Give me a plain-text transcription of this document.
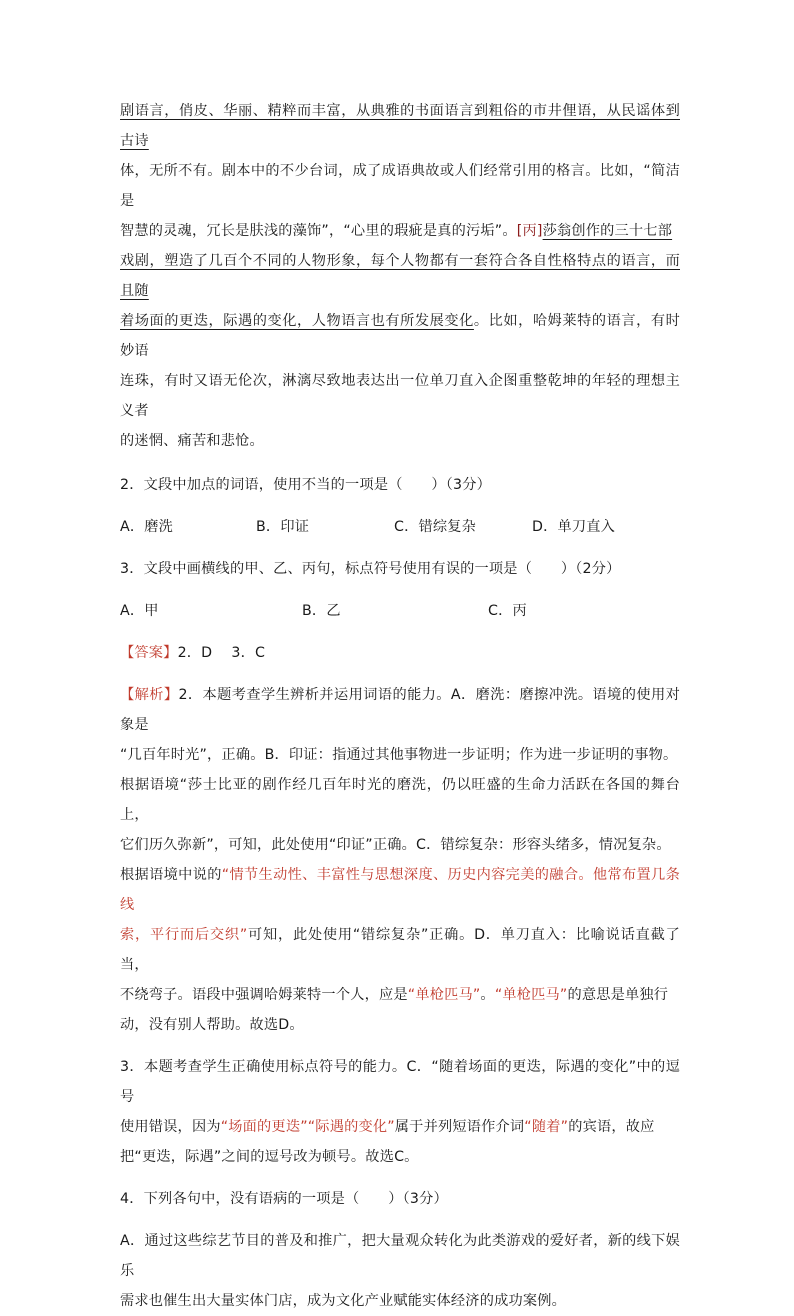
剧语言，俏皮、华丽、精粹而丰富，从典雅的书面语言到粗俗的市井俚语，从民谣体到古诗

体，无所不有。剧本中的不少台词，成了成语典故或人们经常引用的格言。比如，“简洁是

智慧的灵魂，冗长是肤浅的藻饰”，“心里的瑕疵是真的污垢”。[丙]莎翁创作的三十七部

戏剧，塑造了几百个不同的人物形象，每个人物都有一套符合各自性格特点的语言，而且随

着场面的更迭，际遇的变化，人物语言也有所发展变化。比如，哈姆莱特的语言，有时妙语

连珠，有时又语无伦次，淋漓尽致地表达出一位单刀直入企图重整乾坤的年轻的理想主义者

的迷惘、痛苦和悲怆。

2．文段中加点的词语，使用不当的一项是（　　）（3分）

A．磨洗	B．印证	C．错综复杂	D．单刀直入

3．文段中画横线的甲、乙、丙句，标点符号使用有误的一项是（　　）（2分）

A．甲	B．乙	C．丙

【答案】2．D　 3．C

【解析】2．本题考查学生辨析并运用词语的能力。A．磨洗：磨擦冲洗。语境的使用对象是

“几百年时光”，正确。B．印证：指通过其他事物进一步证明；作为进一步证明的事物。

根据语境“莎士比亚的剧作经几百年时光的磨洗，仍以旺盛的生命力活跃在各国的舞台上，

它们历久弥新”，可知，此处使用“印证”正确。C．错综复杂：形容头绪多，情况复杂。

根据语境中说的“情节生动性、丰富性与思想深度、历史内容完美的融合。他常布置几条线

索，平行而后交织”可知，此处使用“错综复杂”正确。D．单刀直入：比喻说话直截了当，

不绕弯子。语段中强调哈姆莱特一个人，应是“单枪匹马”。“单枪匹马”的意思是单独行

动，没有别人帮助。故选D。

3．本题考查学生正确使用标点符号的能力。C．“随着场面的更迭，际遇的变化”中的逗号

使用错误，因为“场面的更迭”“际遇的变化”属于并列短语作介词“随着”的宾语，故应

把“更迭，际遇”之间的逗号改为顿号。故选C。

4．下列各句中，没有语病的一项是（　　）（3分）

A．通过这些综艺节目的普及和推广，把大量观众转化为此类游戏的爱好者，新的线下娱乐

需求也催生出大量实体门店，成为文化产业赋能实体经济的成功案例。
